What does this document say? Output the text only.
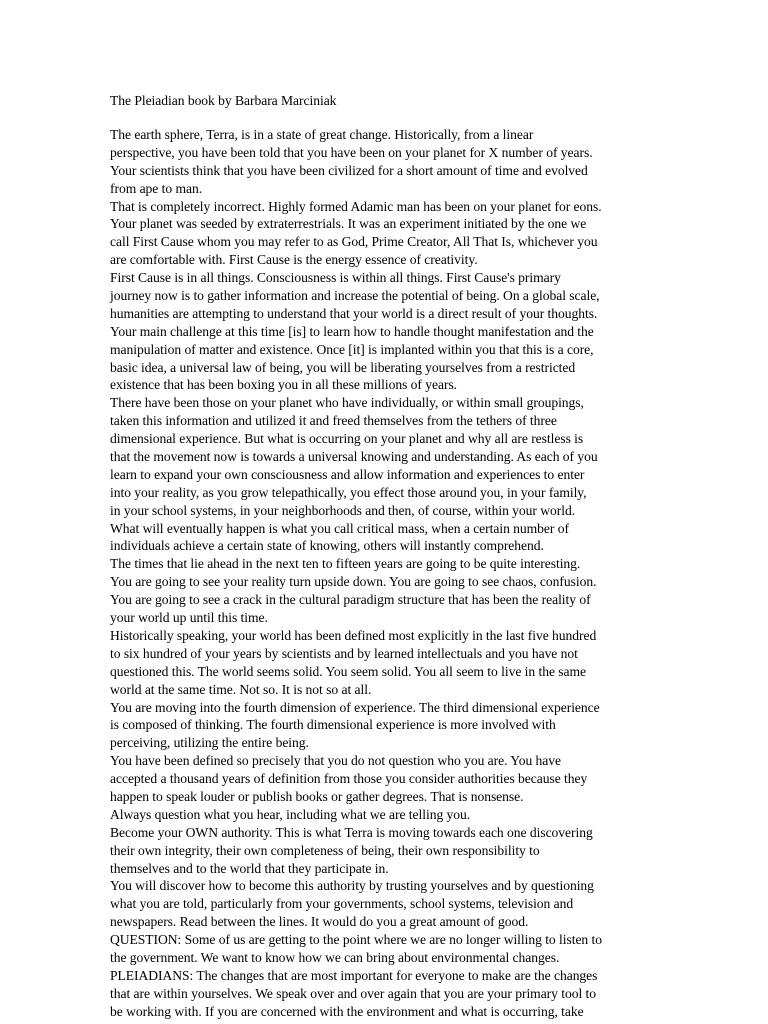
The Pleiadian book by Barbara Marciniak
The earth sphere, Terra, is in a state of great change. Historically, from a linear
perspective, you have been told that you have been on your planet for X number of years.
Your scientists think that you have been civilized for a short amount of time and evolved
from ape to man.
That is completely incorrect. Highly formed Adamic man has been on your planet for eons.
Your planet was seeded by extraterrestrials. It was an experiment initiated by the one we
call First Cause whom you may refer to as God, Prime Creator, All That Is, whichever you
are comfortable with. First Cause is the energy essence of creativity.
First Cause is in all things. Consciousness is within all things. First Cause's primary
journey now is to gather information and increase the potential of being. On a global scale,
humanities are attempting to understand that your world is a direct result of your thoughts.
Your main challenge at this time [is] to learn how to handle thought manifestation and the
manipulation of matter and existence. Once [it] is implanted within you that this is a core,
basic idea, a universal law of being, you will be liberating yourselves from a restricted
existence that has been boxing you in all these millions of years.
There have been those on your planet who have individually, or within small groupings,
taken this information and utilized it and freed themselves from the tethers of three
dimensional experience. But what is occurring on your planet and why all are restless is
that the movement now is towards a universal knowing and understanding. As each of you
learn to expand your own consciousness and allow information and experiences to enter
into your reality, as you grow telepathically, you effect those around you, in your family,
in your school systems, in your neighborhoods and then, of course, within your world.
What will eventually happen is what you call critical mass, when a certain number of
individuals achieve a certain state of knowing, others will instantly comprehend.
The times that lie ahead in the next ten to fifteen years are going to be quite interesting.
You are going to see your reality turn upside down. You are going to see chaos, confusion.
You are going to see a crack in the cultural paradigm structure that has been the reality of
your world up until this time.
Historically speaking, your world has been defined most explicitly in the last five hundred
to six hundred of your years by scientists and by learned intellectuals and you have not
questioned this. The world seems solid. You seem solid. You all seem to live in the same
world at the same time. Not so. It is not so at all.
You are moving into the fourth dimension of experience. The third dimensional experience
is composed of thinking. The fourth dimensional experience is more involved with
perceiving, utilizing the entire being.
You have been defined so precisely that you do not question who you are. You have
accepted a thousand years of definition from those you consider authorities because they
happen to speak louder or publish books or gather degrees. That is nonsense.
Always question what you hear, including what we are telling you.
Become your OWN authority. This is what Terra is moving towards each one discovering
their own integrity, their own completeness of being, their own responsibility to
themselves and to the world that they participate in.
You will discover how to become this authority by trusting yourselves and by questioning
what you are told, particularly from your governments, school systems, television and
newspapers. Read between the lines. It would do you a great amount of good.
QUESTION: Some of us are getting to the point where we are no longer willing to listen to
the government. We want to know how we can bring about environmental changes.
PLEIADIANS: The changes that are most important for everyone to make are the changes
that are within yourselves. We speak over and over again that you are your primary tool to
be working with. If you are concerned with the environment and what is occurring, take
